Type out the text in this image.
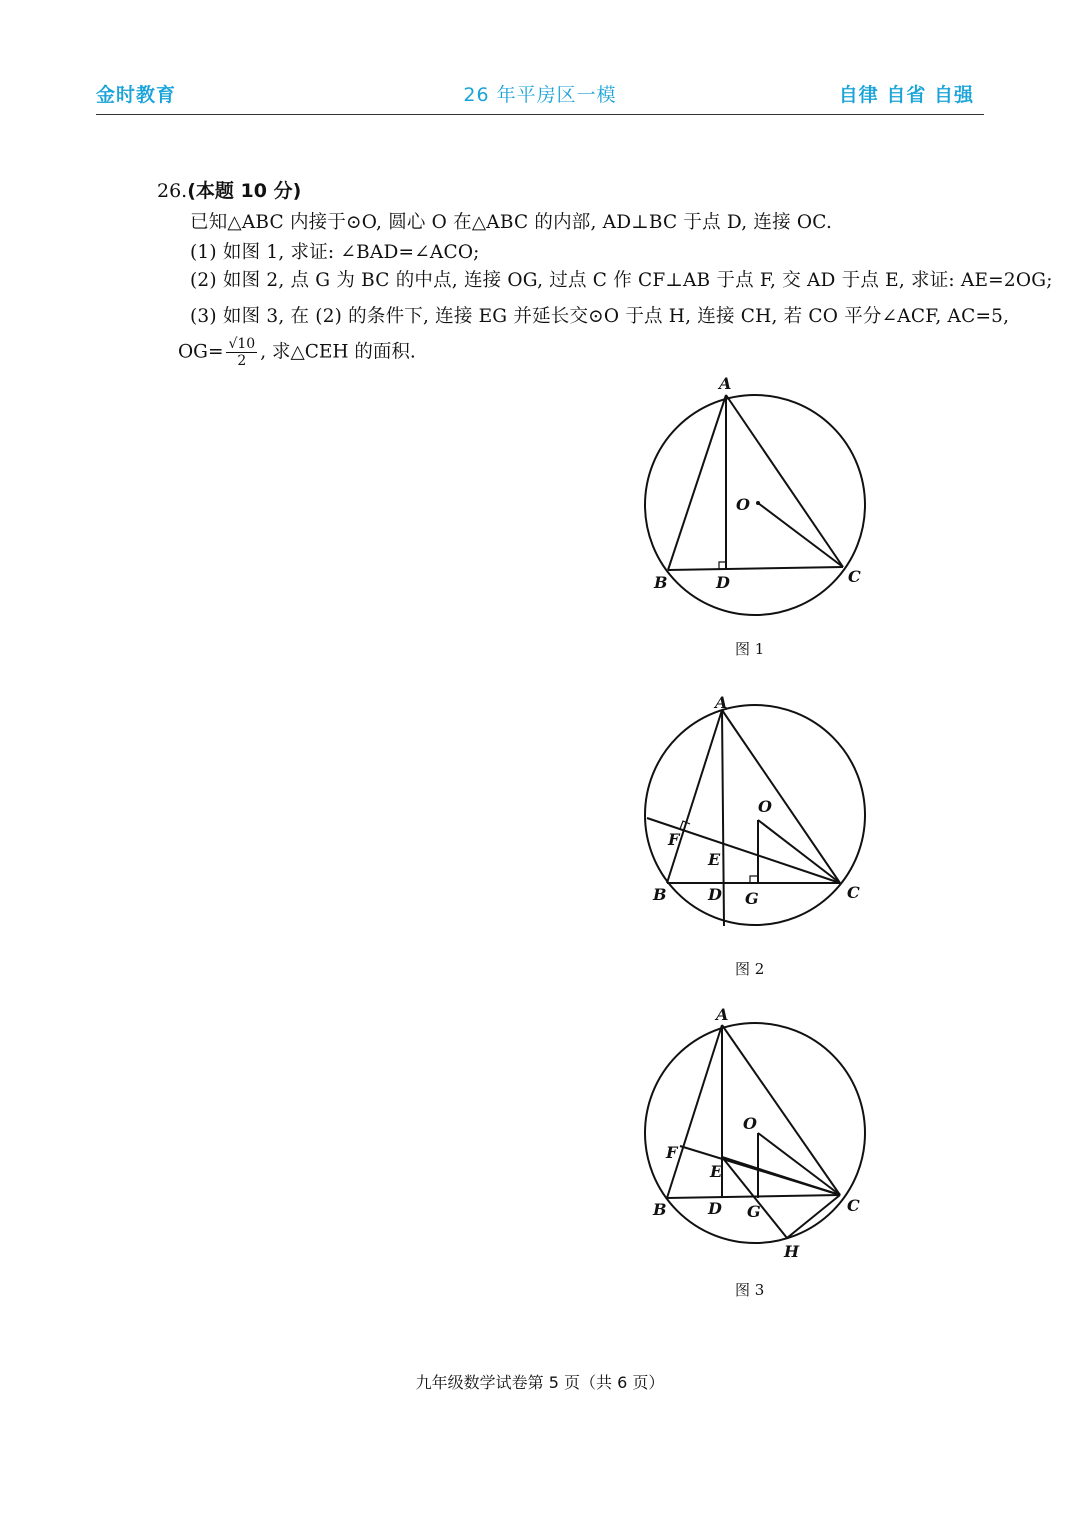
金时教育	26 年平房区一模	自律 自省 自强
26.(本题 10 分)
已知△ABC 内接于⊙O, 圆心 O 在△ABC 的内部, AD⊥BC 于点 D, 连接 OC.
(1) 如图 1, 求证: ∠BAD=∠ACO;
(2) 如图 2, 点 G 为 BC 的中点, 连接 OG, 过点 C 作 CF⊥AB 于点 F, 交 AD 于点 E, 求证: AE=2OG;
(3) 如图 3, 在 (2) 的条件下, 连接 EG 并延长交⊙O 于点 H, 连接 CH, 若 CO 平分∠ACF, AC=5,
$OG= \frac{√10}{2}$ , 求△CEH 的面积.
A
B	C
D
O
图 1
A
B	C
D
O
F
E
G
图 2
A
B	C
D
O
F
E
G
H
图 3
九年级数学试卷第 5 页（共 6 页）
